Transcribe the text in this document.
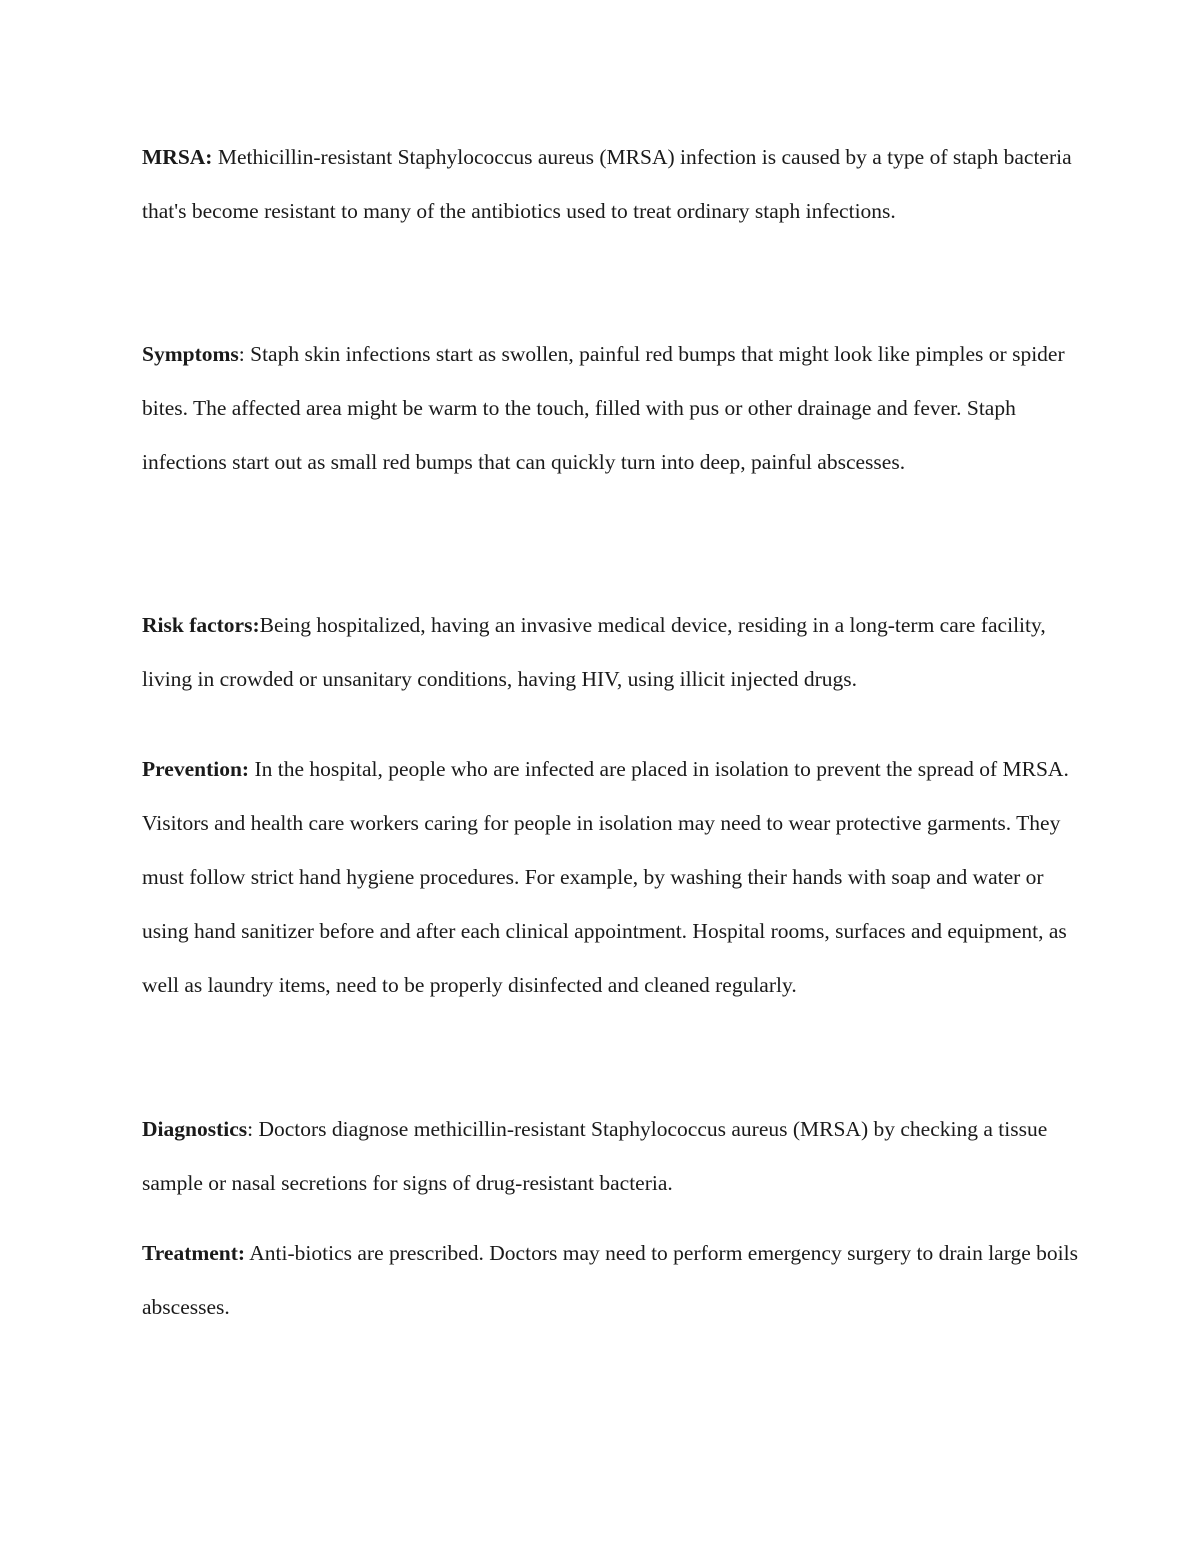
MRSA: Methicillin-resistant Staphylococcus aureus (MRSA) infection is caused by a type of staph bacteria that's become resistant to many of the antibiotics used to treat ordinary staph infections.

Symptoms: Staph skin infections start as swollen, painful red bumps that might look like pimples or spider bites. The affected area might be warm to the touch, filled with pus or other drainage and fever. Staph infections start out as small red bumps that can quickly turn into deep, painful abscesses.

Risk factors:Being hospitalized, having an invasive medical device, residing in a long-term care facility, living in crowded or unsanitary conditions, having HIV, using illicit injected drugs.

Prevention: In the hospital, people who are infected are placed in isolation to prevent the spread of MRSA. Visitors and health care workers caring for people in isolation may need to wear protective garments. They must follow strict hand hygiene procedures. For example, by washing their hands with soap and water or using hand sanitizer before and after each clinical appointment. Hospital rooms, surfaces and equipment, as well as laundry items, need to be properly disinfected and cleaned regularly.

Diagnostics: Doctors diagnose methicillin-resistant Staphylococcus aureus (MRSA) by checking a tissue sample or nasal secretions for signs of drug-resistant bacteria.

Treatment: Anti-biotics are prescribed. Doctors may need to perform emergency surgery to drain large boils abscesses.
